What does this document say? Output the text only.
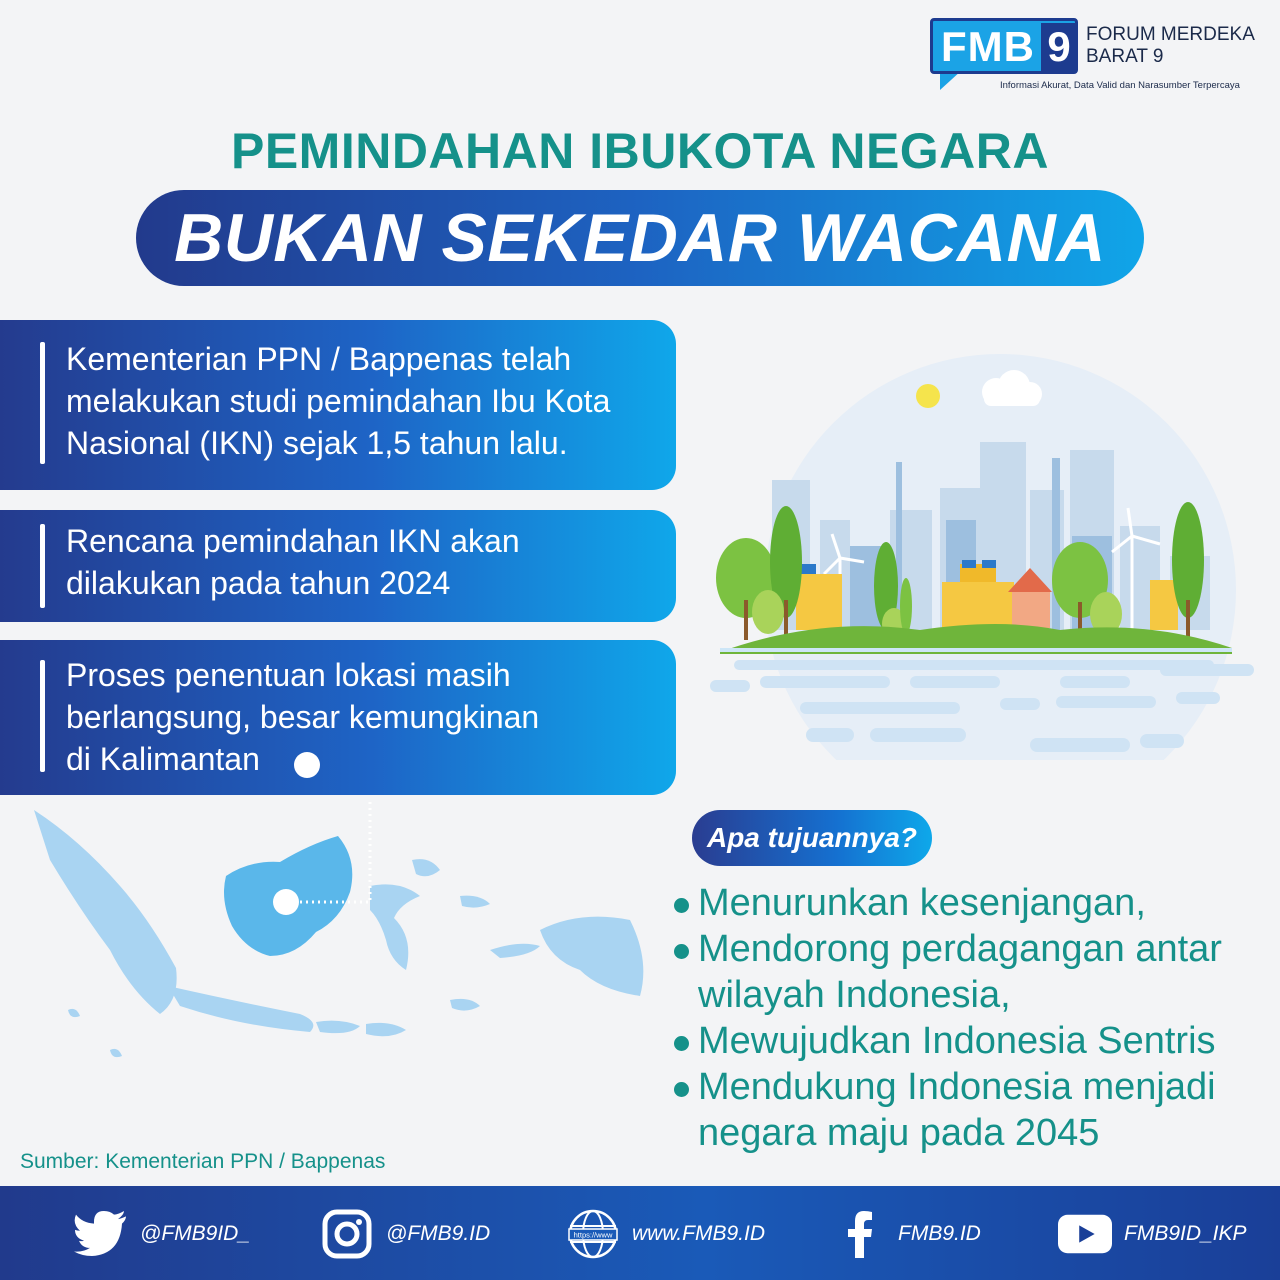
FMB 9 FORUM MERDEKA
BARAT 9
Informasi Akurat, Data Valid dan Narasumber Terpercaya
PEMINDAHAN IBUKOTA NEGARA
BUKAN SEKEDAR WACANA
Kementerian PPN / Bappenas telah
melakukan studi pemindahan Ibu Kota
Nasional (IKN) sejak 1,5 tahun lalu.
Rencana pemindahan IKN akan
dilakukan pada tahun 2024
Proses penentuan lokasi masih
berlangsung, besar kemungkinan
di Kalimantan
Apa tujuannya?
Menurunkan kesenjangan,
Mendorong perdagangan antar wilayah Indonesia,
Mewujudkan Indonesia Sentris
Mendukung Indonesia menjadi negara maju pada 2045
Sumber: Kementerian PPN / Bappenas
@FMB9ID_	@FMB9.ID	https://www www.FMB9.ID	FMB9.ID	FMB9ID_IKP
